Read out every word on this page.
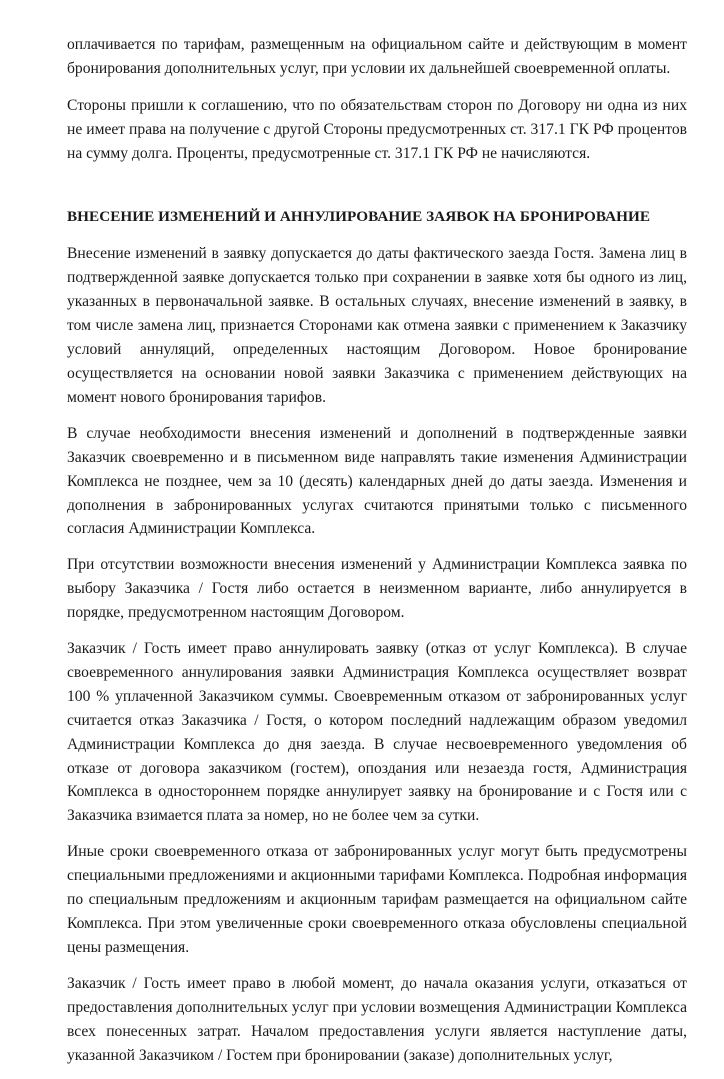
оплачивается по тарифам, размещенным на официальном сайте и действующим в момент бронирования дополнительных услуг, при условии их дальнейшей своевременной оплаты.

Стороны пришли к соглашению, что по обязательствам сторон по Договору ни одна из них не имеет права на получение с другой Стороны предусмотренных ст. 317.1 ГК РФ процентов на сумму долга. Проценты, предусмотренные ст. 317.1 ГК РФ не начисляются.

ВНЕСЕНИЕ ИЗМЕНЕНИЙ И АННУЛИРОВАНИЕ ЗАЯВОК НА БРОНИРОВАНИЕ

Внесение изменений в заявку допускается до даты фактического заезда Гостя. Замена лиц в подтвержденной заявке допускается только при сохранении в заявке хотя бы одного из лиц, указанных в первоначальной заявке. В остальных случаях, внесение изменений в заявку, в том числе замена лиц, признается Сторонами как отмена заявки с применением к Заказчику условий аннуляций, определенных настоящим Договором. Новое бронирование осуществляется на основании новой заявки Заказчика с применением действующих на момент нового бронирования тарифов.

В случае необходимости внесения изменений и дополнений в подтвержденные заявки Заказчик своевременно и в письменном виде направлять такие изменения Администрации Комплекса не позднее, чем за 10 (десять) календарных дней до даты заезда. Изменения и дополнения в забронированных услугах считаются принятыми только с письменного согласия Администрации Комплекса.

При отсутствии возможности внесения изменений у Администрации Комплекса заявка по выбору Заказчика / Гостя либо остается в неизменном варианте, либо аннулируется в порядке, предусмотренном настоящим Договором.

Заказчик / Гость имеет право аннулировать заявку (отказ от услуг Комплекса). В случае своевременного аннулирования заявки Администрация Комплекса осуществляет возврат 100 % уплаченной Заказчиком суммы. Своевременным отказом от забронированных услуг считается отказ Заказчика / Гостя, о котором последний надлежащим образом уведомил Администрации Комплекса до дня заезда. В случае несвоевременного уведомления об отказе от договора заказчиком (гостем), опоздания или незаезда гостя, Администрация Комплекса в одностороннем порядке аннулирует заявку на бронирование и с Гостя или с Заказчика взимается плата за номер, но не более чем за сутки.

Иные сроки своевременного отказа от забронированных услуг могут быть предусмотрены специальными предложениями и акционными тарифами Комплекса. Подробная информация по специальным предложениям и акционным тарифам размещается на официальном сайте Комплекса. При этом увеличенные сроки своевременного отказа обусловлены специальной цены размещения.

Заказчик / Гость имеет право в любой момент, до начала оказания услуги, отказаться от предоставления дополнительных услуг при условии возмещения Администрации Комплекса всех понесенных затрат. Началом предоставления услуги является наступление даты, указанной Заказчиком / Гостем при бронировании (заказе) дополнительных услуг,
